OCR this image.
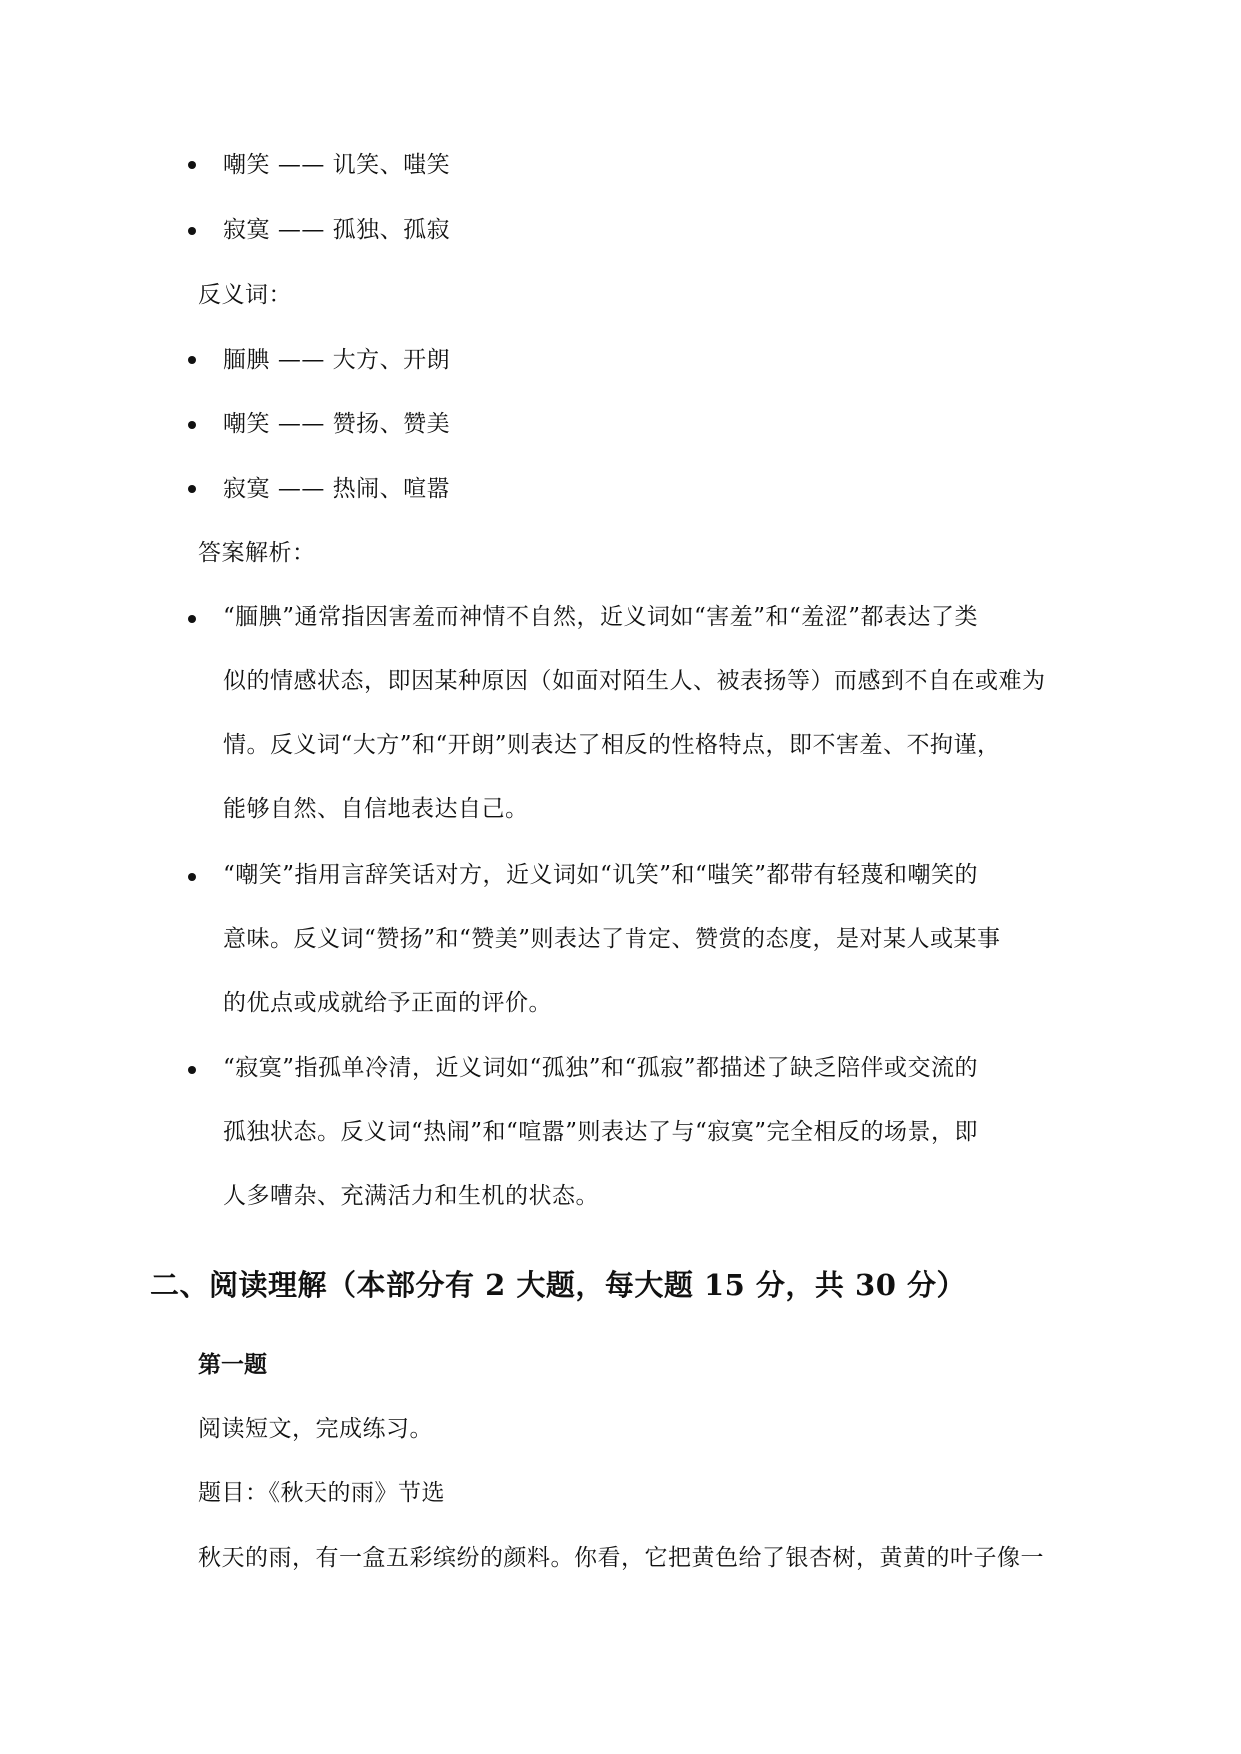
嘲笑 —— 讥笑、嗤笑
寂寞 —— 孤独、孤寂
反义词：
腼腆 —— 大方、开朗
嘲笑 —— 赞扬、赞美
寂寞 —— 热闹、喧嚣
答案解析：
“腼腆”通常指因害羞而神情不自然，近义词如“害羞”和“羞涩”都表达了类
似的情感状态，即因某种原因（如面对陌生人、被表扬等）而感到不自在或难为
情。反义词“大方”和“开朗”则表达了相反的性格特点，即不害羞、不拘谨，
能够自然、自信地表达自己。
“嘲笑”指用言辞笑话对方，近义词如“讥笑”和“嗤笑”都带有轻蔑和嘲笑的
意味。反义词“赞扬”和“赞美”则表达了肯定、赞赏的态度，是对某人或某事
的优点或成就给予正面的评价。
“寂寞”指孤单冷清，近义词如“孤独”和“孤寂”都描述了缺乏陪伴或交流的
孤独状态。反义词“热闹”和“喧嚣”则表达了与“寂寞”完全相反的场景，即
人多嘈杂、充满活力和生机的状态。
二、阅读理解（本部分有 2 大题，每大题 15 分，共 30 分）
第一题
阅读短文，完成练习。
题目：《秋天的雨》节选
秋天的雨，有一盒五彩缤纷的颜料。你看，它把黄色给了银杏树，黄黄的叶子像一
